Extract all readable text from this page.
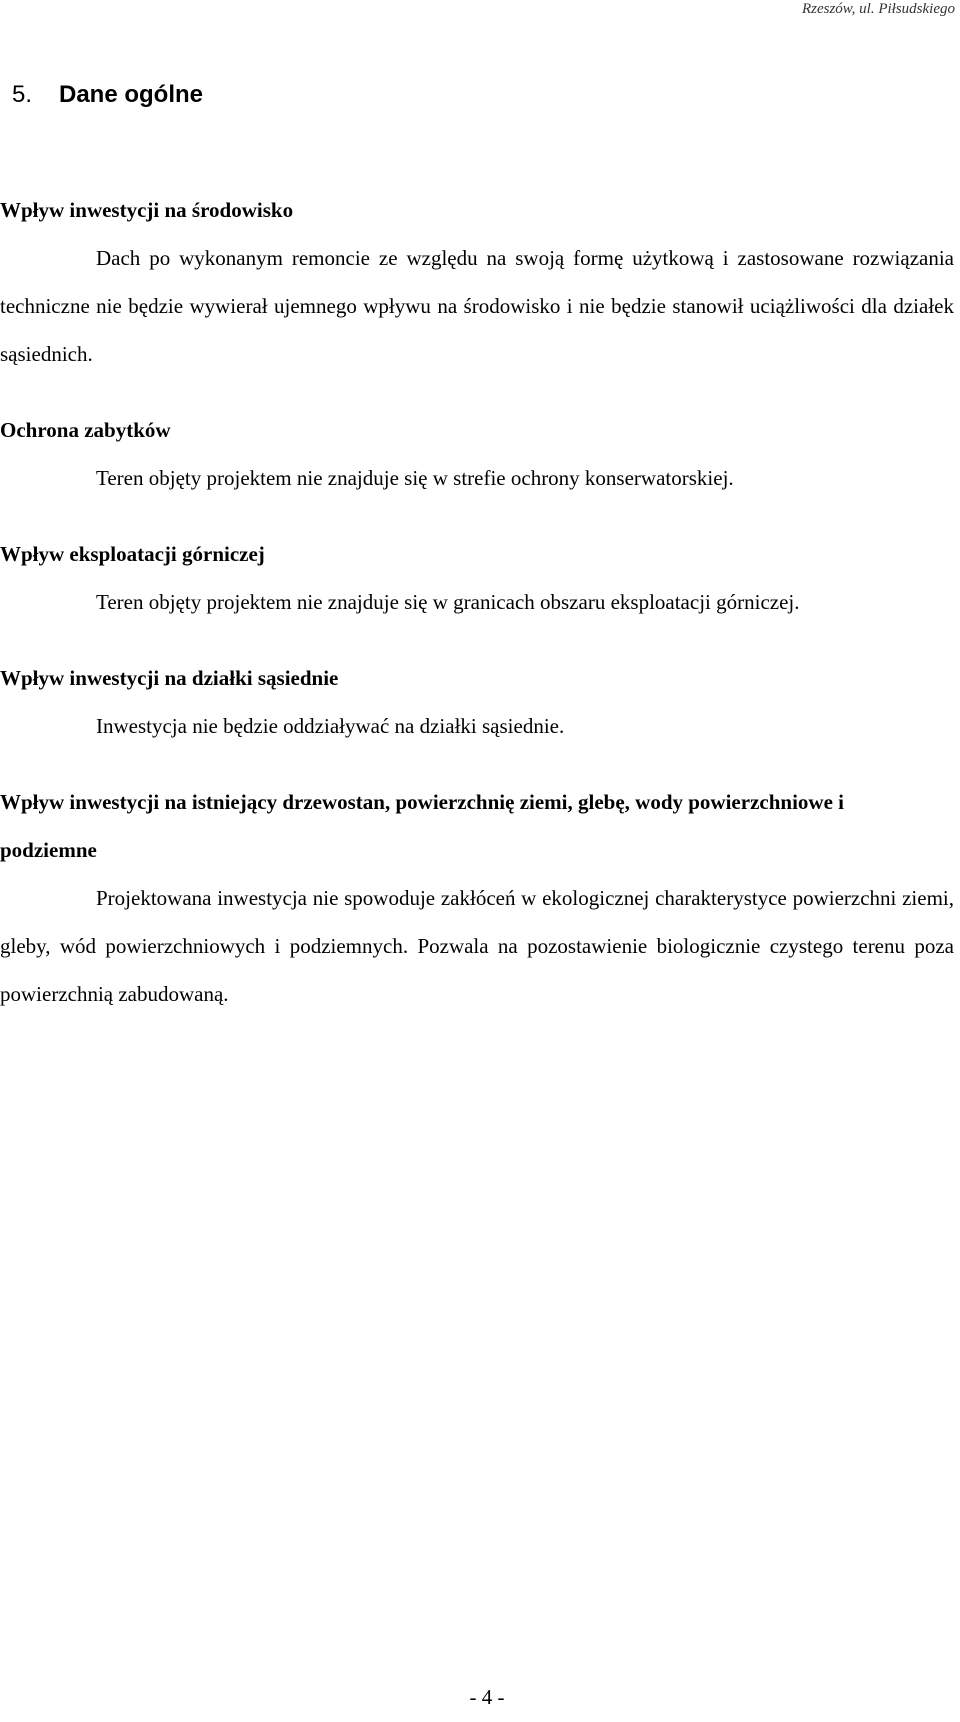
Rzeszów, ul. Piłsudskiego
5. Dane ogólne

Wpływ inwestycji na środowisko

Dach po wykonanym remoncie ze względu na swoją formę użytkową i zastosowane rozwiązania techniczne nie będzie wywierał ujemnego wpływu na środowisko i nie będzie stanowił uciążliwości dla działek sąsiednich.

Ochrona zabytków

Teren objęty projektem nie znajduje się w strefie ochrony konserwatorskiej.

Wpływ eksploatacji górniczej

Teren objęty projektem nie znajduje się w granicach obszaru eksploatacji górniczej.

Wpływ inwestycji na działki sąsiednie

Inwestycja nie będzie oddziaływać na działki sąsiednie.

Wpływ inwestycji na istniejący drzewostan, powierzchnię ziemi, glebę, wody powierzchniowe i podziemne

Projektowana inwestycja nie spowoduje zakłóceń w ekologicznej charakterystyce powierzchni ziemi, gleby, wód powierzchniowych i podziemnych. Pozwala na pozostawienie biologicznie czystego terenu poza powierzchnią zabudowaną.

- 4 -
